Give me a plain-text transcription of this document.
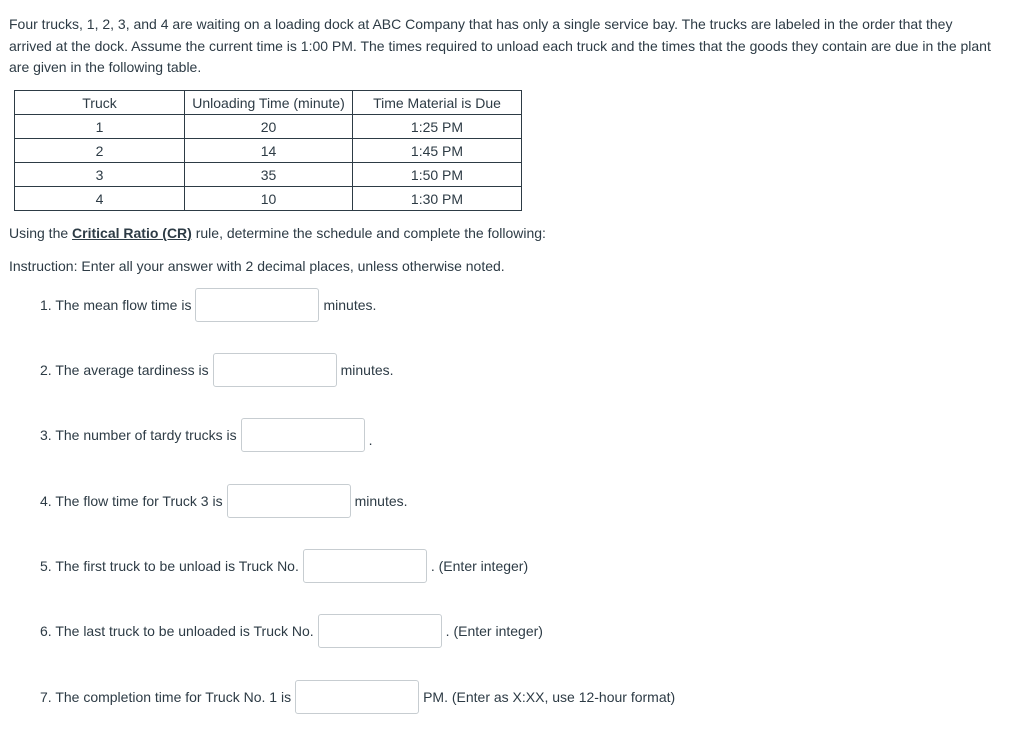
Four trucks, 1, 2, 3, and 4 are waiting on a loading dock at ABC Company that has only a single service bay. The trucks are labeled in the order that they arrived at the dock. Assume the current time is 1:00 PM. The times required to unload each truck and the times that the goods they contain are due in the plant are given in the following table.

Truck	Unloading Time (minute)	Time Material is Due
1	20	1:25 PM
2	14	1:45 PM
3	35	1:50 PM
4	10	1:30 PM

Using the Critical Ratio (CR) rule, determine the schedule and complete the following:

Instruction: Enter all your answer with 2 decimal places, unless otherwise noted.

1. The mean flow time is	minutes.
2. The average tardiness is	minutes.
3. The number of tardy trucks is	.
4. The flow time for Truck 3 is	minutes.
5. The first truck to be unload is Truck No.	. (Enter integer)
6. The last truck to be unloaded is Truck No.	. (Enter integer)
7. The completion time for Truck No. 1 is	PM. (Enter as X:XX, use 12-hour format)
